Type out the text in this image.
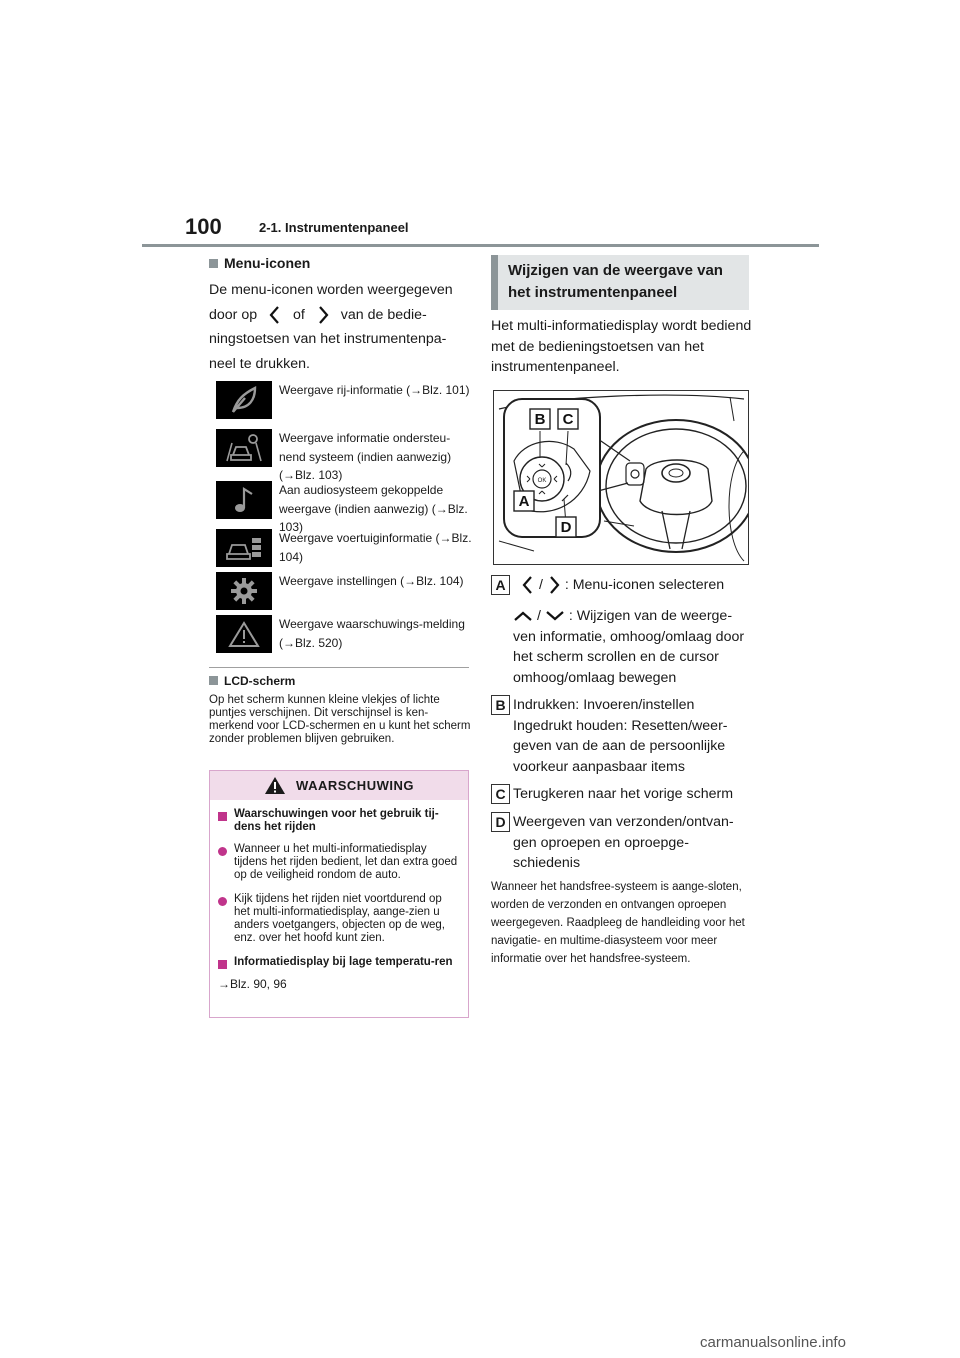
100	2-1. Instrumentenpaneel
Menu-iconen
De menu-iconen worden weergegeven door op	of	van de bedie-ningstoetsen van het instrumentenpa-neel te drukken.
Weergave rij-informatie (→Blz. 101)
Weergave informatie ondersteu-nend systeem (indien aanwezig) (→Blz. 103)
Aan audiosysteem gekoppelde weergave (indien aanwezig) (→Blz. 103)
Weergave voertuiginformatie (→Blz. 104)
Weergave instellingen (→Blz. 104)
Weergave waarschuwings-melding (→Blz. 520)
LCD-scherm
Op het scherm kunnen kleine vlekjes of lichte puntjes verschijnen. Dit verschijnsel is ken-merkend voor LCD-schermen en u kunt het scherm zonder problemen blijven gebruiken.
WAARSCHUWING
Waarschuwingen voor het gebruik tij-dens het rijden
Wanneer u het multi-informatiedisplay tijdens het rijden bedient, let dan extra goed op de veiligheid rondom de auto.
Kijk tijdens het rijden niet voortdurend op het multi-informatiedisplay, aange-zien u anders voetgangers, objecten op de weg, enz. over het hoofd kunt zien.
Informatiedisplay bij lage temperatu-ren
→Blz. 90, 96
Wijzigen van de weergave van het instrumentenpaneel
Het multi-informatiedisplay wordt bediend met de bedieningstoetsen van het instrumentenpaneel.
OK
B C
A
D
A	/ : Menu-iconen selecteren
/ : Wijzigen van de weerge-ven informatie, omhoog/omlaag door het scherm scrollen en de cursor omhoog/omlaag bewegen
B Indrukken: Invoeren/instellen Ingedrukt houden: Resetten/weer-geven van de aan de persoonlijke voorkeur aanpasbaar items
C Terugkeren naar het vorige scherm
D Weergeven van verzonden/ontvan-gen oproepen en oproepge-schiedenis
Wanneer het handsfree-systeem is aange-sloten, worden de verzonden en ontvangen oproepen weergegeven. Raadpleeg de handleiding voor het navigatie- en multime-diasysteem voor meer informatie over het handsfree-systeem.
carmanualsonline.info
